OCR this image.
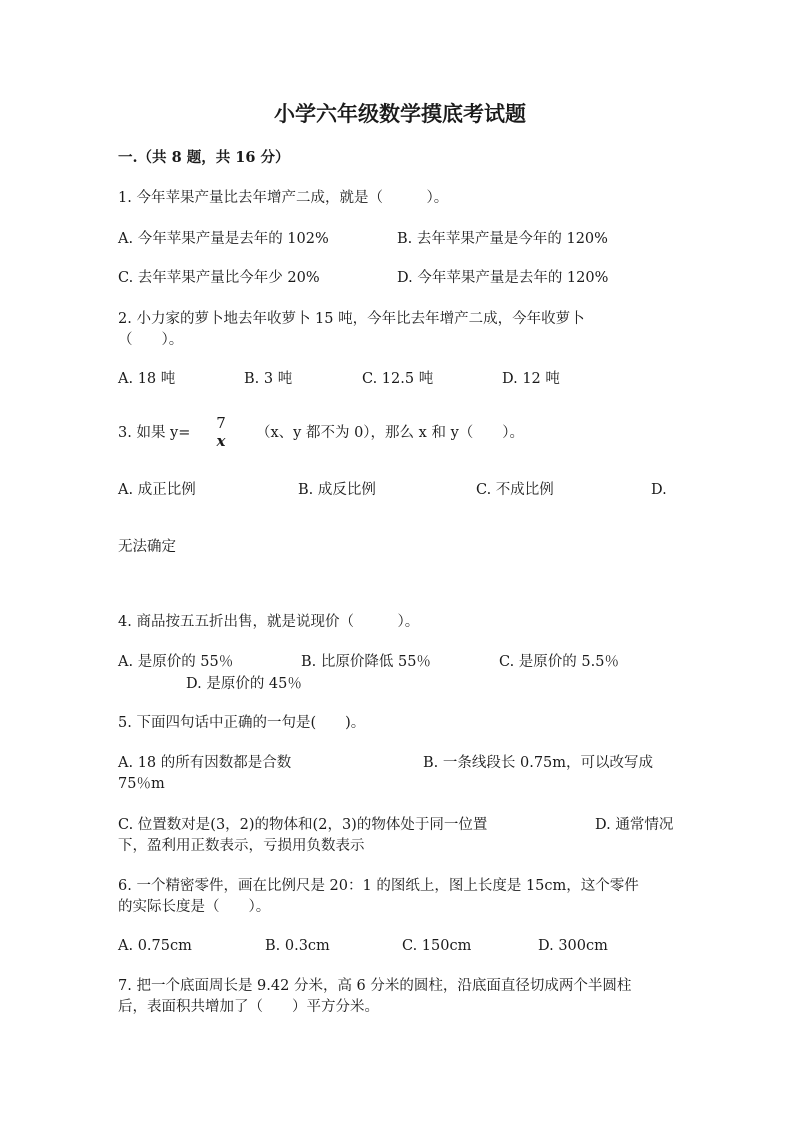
小学六年级数学摸底考试题
一.（共 8 题，共 16 分）
1. 今年苹果产量比去年增产二成，就是（　　　）。
A. 今年苹果产量是去年的 102%	B. 去年苹果产量是今年的 120%
C. 去年苹果产量比今年少 20%	D. 今年苹果产量是去年的 120%
2. 小力家的萝卜地去年收萝卜 15 吨，今年比去年增产二成，今年收萝卜
（　　）。
A. 18 吨	B. 3 吨	C. 12.5 吨	D. 12 吨
3. 如果 y=
7
x	（x、y 都不为 0），那么 x 和 y（　　）。
A. 成正比例	B. 成反比例	C. 不成比例	D.
无法确定
4. 商品按五五折出售，就是说现价（　　　）。
A. 是原价的 55％	B. 比原价降低 55％	C. 是原价的 5.5％
D. 是原价的 45％
5. 下面四句话中正确的一句是(　　)。
A. 18 的所有因数都是合数	B. 一条线段长 0.75m，可以改写成
75％m
C. 位置数对是(3，2)的物体和(2，3)的物体处于同一位置	D. 通常情况
下，盈利用正数表示，亏损用负数表示
6. 一个精密零件，画在比例尺是 20：1 的图纸上，图上长度是 15cm，这个零件
的实际长度是（　　）。
A. 0.75cm	B. 0.3cm	C. 150cm	D. 300cm
7. 把一个底面周长是 9.42 分米，高 6 分米的圆柱，沿底面直径切成两个半圆柱
后，表面积共增加了（　　）平方分米。
